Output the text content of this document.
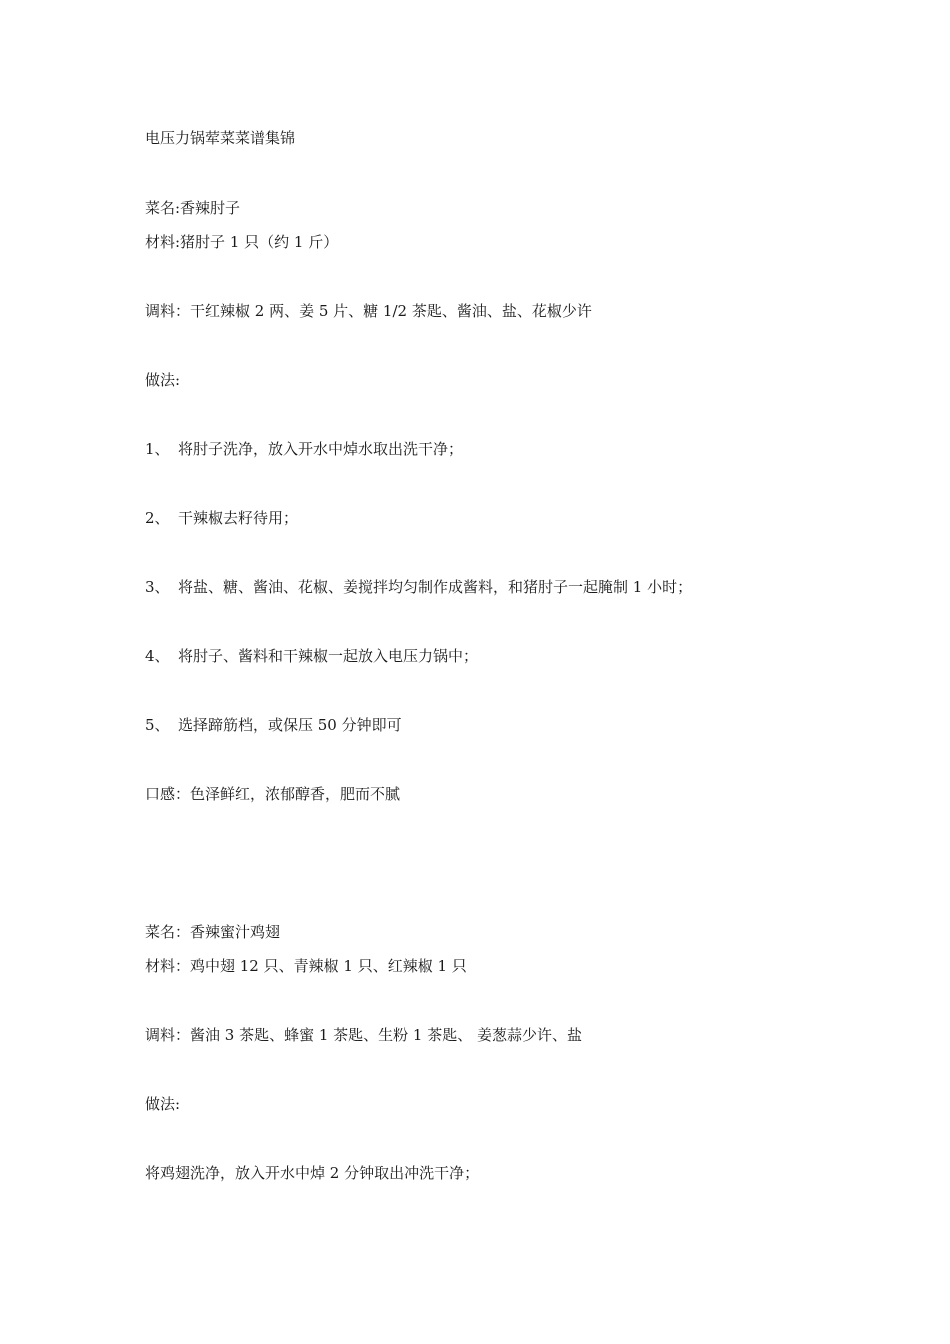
电压力锅荤菜菜谱集锦
菜名:香辣肘子
材料:猪肘子 1 只（约 1 斤）
调料：干红辣椒 2 两、姜 5 片、糖 1/2 茶匙、酱油、盐、花椒少许
做法:
1、 将肘子洗净，放入开水中焯水取出洗干净；
2、 干辣椒去籽待用；
3、 将盐、糖、酱油、花椒、姜搅拌均匀制作成酱料，和猪肘子一起腌制 1 小时；
4、 将肘子、酱料和干辣椒一起放入电压力锅中；
5、 选择蹄筋档，或保压 50 分钟即可
口感：色泽鲜红，浓郁醇香，肥而不腻
菜名：香辣蜜汁鸡翅
材料：鸡中翅 12 只、青辣椒 1 只、红辣椒 1 只
调料：酱油 3 茶匙、蜂蜜 1 茶匙、生粉 1 茶匙、 姜葱蒜少许、盐
做法:
将鸡翅洗净，放入开水中焯 2 分钟取出冲洗干净；
